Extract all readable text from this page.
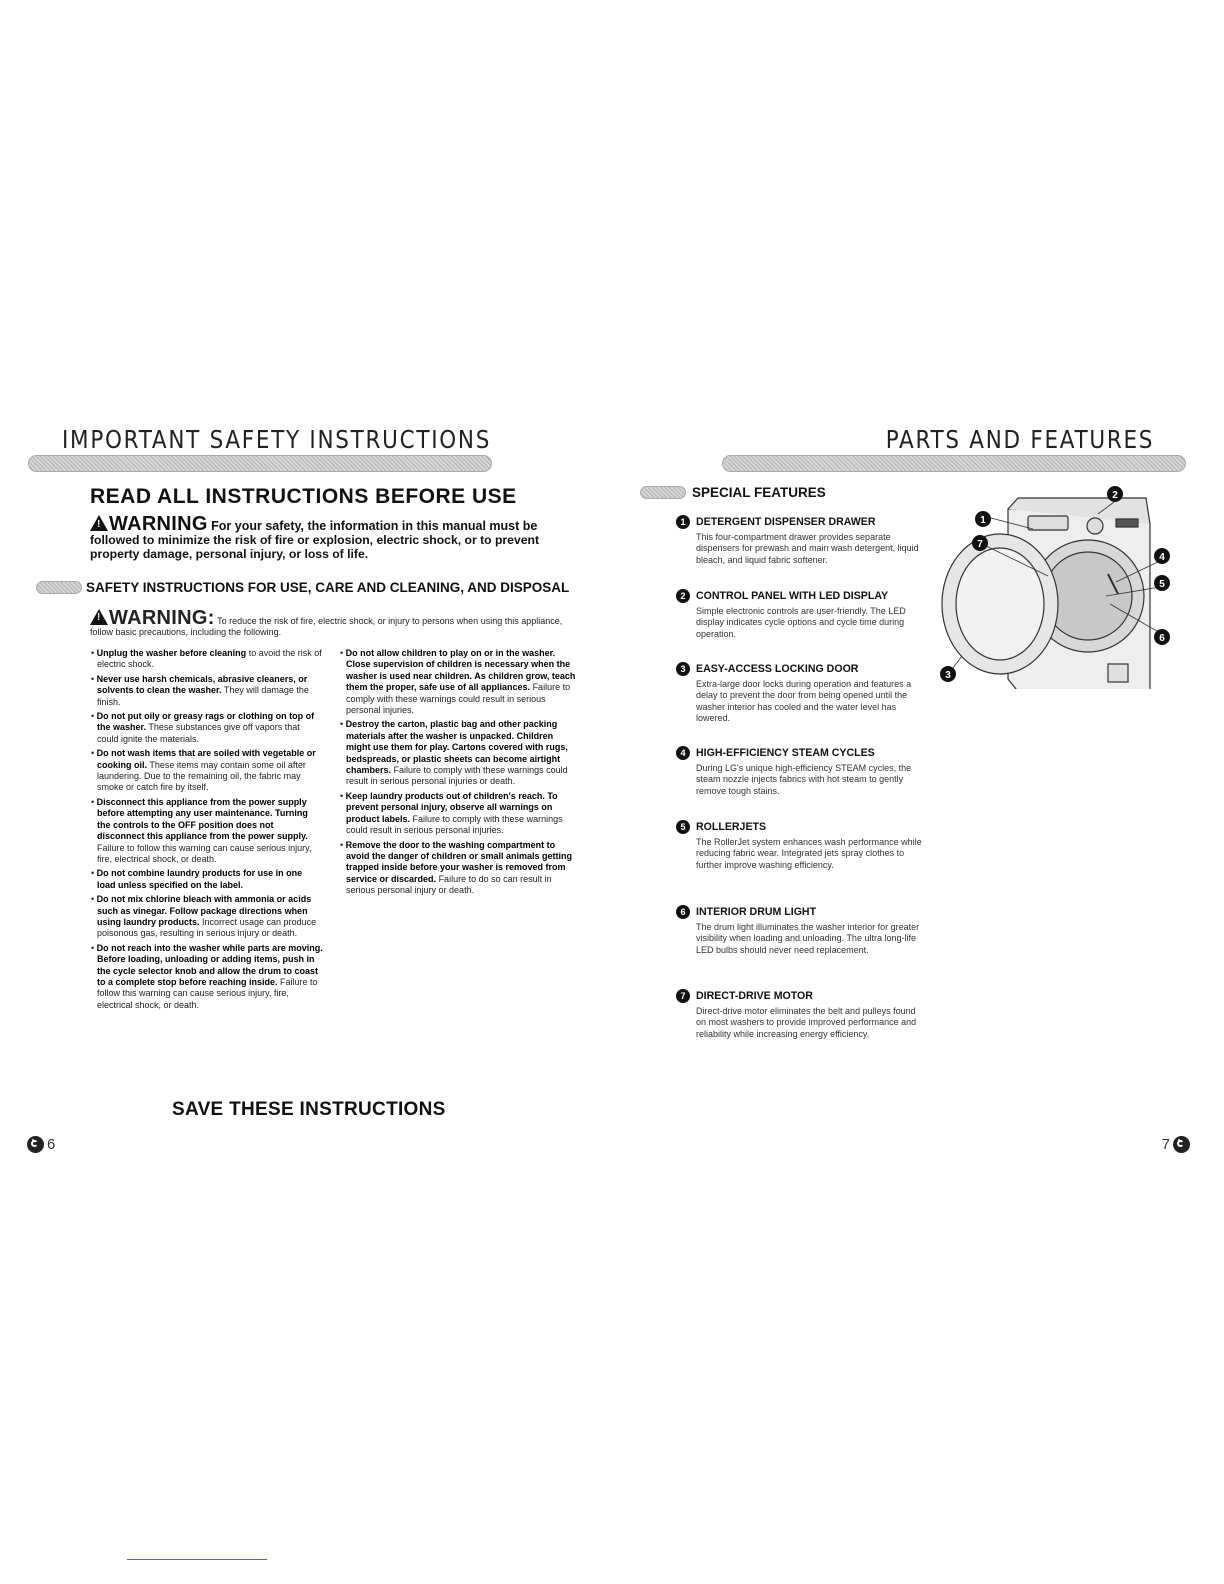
IMPORTANT SAFETY INSTRUCTIONS
READ ALL INSTRUCTIONS BEFORE USE
!WARNING For your safety, the information in this manual must be followed to minimize the risk of fire or explosion, electric shock, or to prevent property damage, personal injury, or loss of life.
SAFETY INSTRUCTIONS FOR USE, CARE AND CLEANING, AND DISPOSAL
!WARNING: To reduce the risk of fire, electric shock, or injury to persons when using this appliance, follow basic precautions, including the following.

• Unplug the washer before cleaning to avoid the risk of electric shock.

• Never use harsh chemicals, abrasive cleaners, or solvents to clean the washer. They will damage the finish.

• Do not put oily or greasy rags or clothing on top of the washer. These substances give off vapors that could ignite the materials.

• Do not wash items that are soiled with vegetable or cooking oil. These items may contain some oil after laundering. Due to the remaining oil, the fabric may smoke or catch fire by itself.

• Disconnect this appliance from the power supply before attempting any user maintenance. Turning the controls to the OFF position does not disconnect this appliance from the power supply. Failure to follow this warning can cause serious injury, fire, electrical shock, or death.

• Do not combine laundry products for use in one load unless specified on the label.

• Do not mix chlorine bleach with ammonia or acids such as vinegar. Follow package directions when using laundry products. Incorrect usage can produce poisonous gas, resulting in serious injury or death.

• Do not reach into the washer while parts are moving. Before loading, unloading or adding items, push in the cycle selector knob and allow the drum to coast to a complete stop before reaching inside. Failure to follow this warning can cause serious injury, fire, electrical shock, or death.

• Do not allow children to play on or in the washer. Close supervision of children is necessary when the washer is used near children. As children grow, teach them the proper, safe use of all appliances. Failure to comply with these warnings could result in serious personal injuries.

• Destroy the carton, plastic bag and other packing materials after the washer is unpacked. Children might use them for play. Cartons covered with rugs, bedspreads, or plastic sheets can become airtight chambers. Failure to comply with these warnings could result in serious personal injuries or death.

• Keep laundry products out of children's reach. To prevent personal injury, observe all warnings on product labels. Failure to comply with these warnings could result in serious personal injuries.

• Remove the door to the washing compartment to avoid the danger of children or small animals getting trapped inside before your washer is removed from service or discarded. Failure to do so can result in serious personal injury or death.

SAVE THESE INSTRUCTIONS
6
PARTS AND FEATURES
SPECIAL FEATURES
1 DETERGENT DISPENSER DRAWER
This four-compartment drawer provides separate dispensers for prewash and main wash detergent, liquid bleach, and liquid fabric softener.
2 CONTROL PANEL WITH LED DISPLAY
Simple electronic controls are user-friendly. The LED display indicates cycle options and cycle time during operation.
3 EASY-ACCESS LOCKING DOOR
Extra-large door locks during operation and features a delay to prevent the door from being opened until the washer interior has cooled and the water level has lowered.
4 HIGH-EFFICIENCY STEAM CYCLES
During LG's unique high-efficiency STEAM cycles, the steam nozzle injects fabrics with hot steam to gently remove tough stains.
5 ROLLERJETS
The RollerJet system enhances wash performance while reducing fabric wear. Integrated jets spray clothes to further improve washing efficiency.
6 INTERIOR DRUM LIGHT
The drum light illuminates the washer interior for greater visibility when loading and unloading. The ultra long-life LED bulbs should never need replacement.
7 DIRECT-DRIVE MOTOR
Direct-drive motor eliminates the belt and pulleys found on most washers to provide improved performance and reliability while increasing energy efficiency.
1
2
3
4
5
6
7
7
